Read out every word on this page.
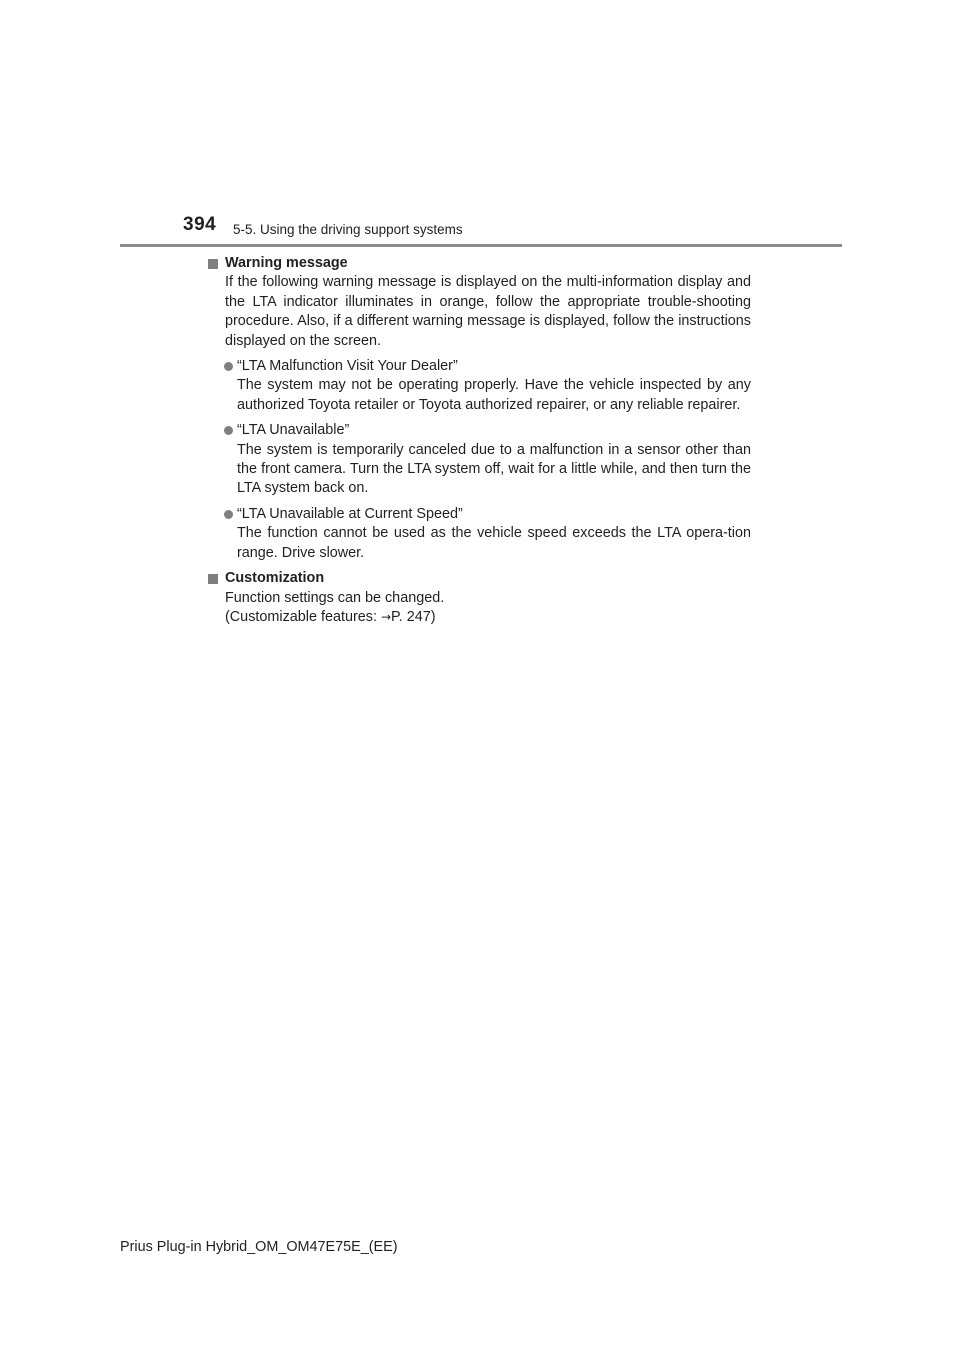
394 5-5. Using the driving support systems
Warning message
If the following warning message is displayed on the multi-information display and the LTA indicator illuminates in orange, follow the appropriate trouble-shooting procedure. Also, if a different warning message is displayed, follow the instructions displayed on the screen.
“LTA Malfunction Visit Your Dealer”
The system may not be operating properly. Have the vehicle inspected by any authorized Toyota retailer or Toyota authorized repairer, or any reliable repairer.
“LTA Unavailable”
The system is temporarily canceled due to a malfunction in a sensor other than the front camera. Turn the LTA system off, wait for a little while, and then turn the LTA system back on.
“LTA Unavailable at Current Speed”
The function cannot be used as the vehicle speed exceeds the LTA opera-tion range. Drive slower.
Customization
Function settings can be changed.
(Customizable features: →P. 247)
Prius Plug-in Hybrid_OM_OM47E75E_(EE)
